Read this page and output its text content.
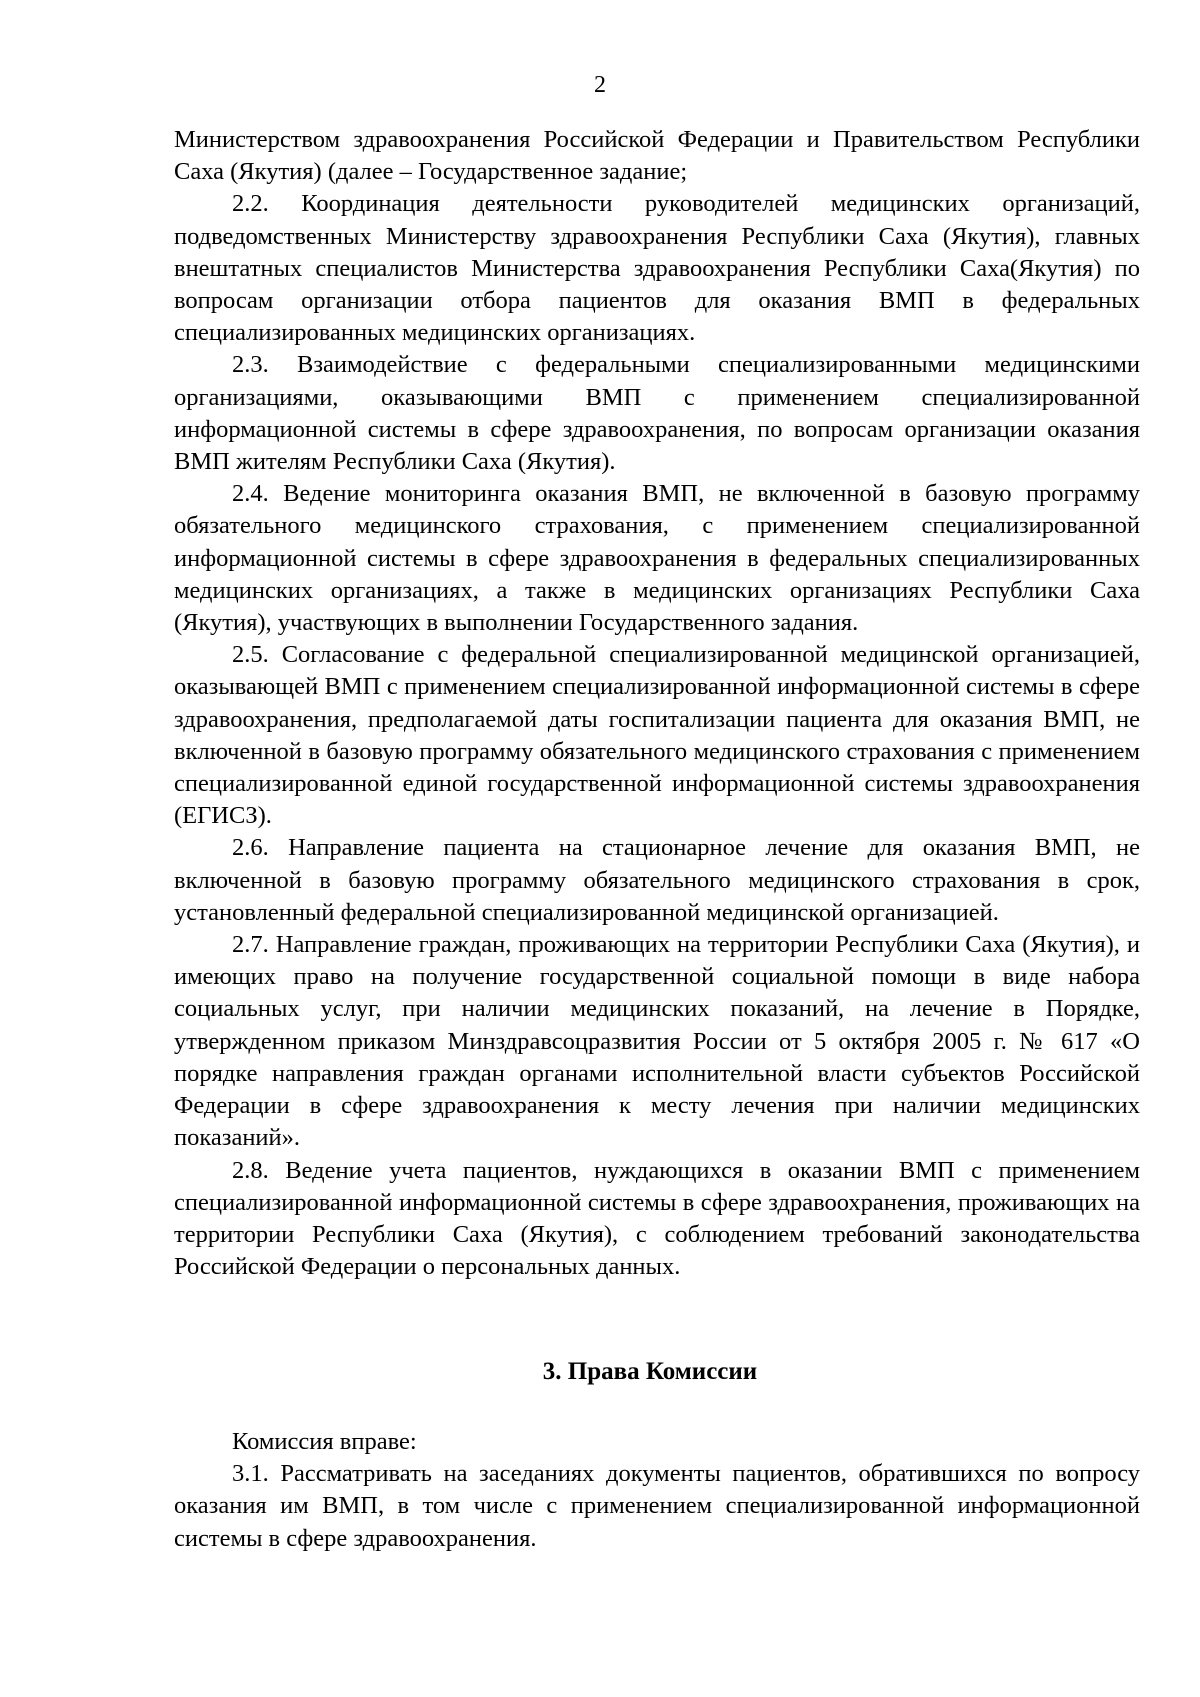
2

Министерством здравоохранения Российской Федерации и Правительством Республики Саха (Якутия) (далее – Государственное задание;

2.2. Координация деятельности руководителей медицинских организаций, подведомственных Министерству здравоохранения Республики Саха (Якутия), главных внештатных специалистов Министерства здравоохранения Республики Саха(Якутия) по вопросам организации отбора пациентов для оказания ВМП в федеральных специализированных медицинских организациях.

2.3. Взаимодействие с федеральными специализированными медицинскими организациями, оказывающими ВМП с применением специализированной информационной системы в сфере здравоохранения, по вопросам организации оказания ВМП жителям Республики Саха (Якутия).

2.4. Ведение мониторинга оказания ВМП, не включенной в базовую программу обязательного медицинского страхования, с применением специализированной информационной системы в сфере здравоохранения в федеральных специализированных медицинских организациях, а также в медицинских организациях Республики Саха (Якутия), участвующих в выполнении Государственного задания.

2.5. Согласование с федеральной специализированной медицинской организацией, оказывающей ВМП с применением специализированной информационной системы в сфере здравоохранения, предполагаемой даты госпитализации пациента для оказания ВМП, не включенной в базовую программу обязательного медицинского страхования с применением специализированной единой государственной информационной системы здравоохранения (ЕГИСЗ).

2.6. Направление пациента на стационарное лечение для оказания ВМП, не включенной в базовую программу обязательного медицинского страхования в срок, установленный федеральной специализированной медицинской организацией.

2.7. Направление граждан, проживающих на территории Республики Саха (Якутия), и имеющих право на получение государственной социальной помощи в виде набора социальных услуг, при наличии медицинских показаний, на лечение в Порядке, утвержденном приказом Минздравсоцразвития России от 5 октября 2005 г. № 617 «О порядке направления граждан органами исполнительной власти субъектов Российской Федерации в сфере здравоохранения к месту лечения при наличии медицинских показаний».

2.8. Ведение учета пациентов, нуждающихся в оказании ВМП с применением специализированной информационной системы в сфере здравоохранения, проживающих на территории Республики Саха (Якутия), с соблюдением требований законодательства Российской Федерации о персональных данных.

3. Права Комиссии

Комиссия вправе:

3.1. Рассматривать на заседаниях документы пациентов, обратившихся по вопросу оказания им ВМП, в том числе с применением специализированной информационной системы в сфере здравоохранения.
